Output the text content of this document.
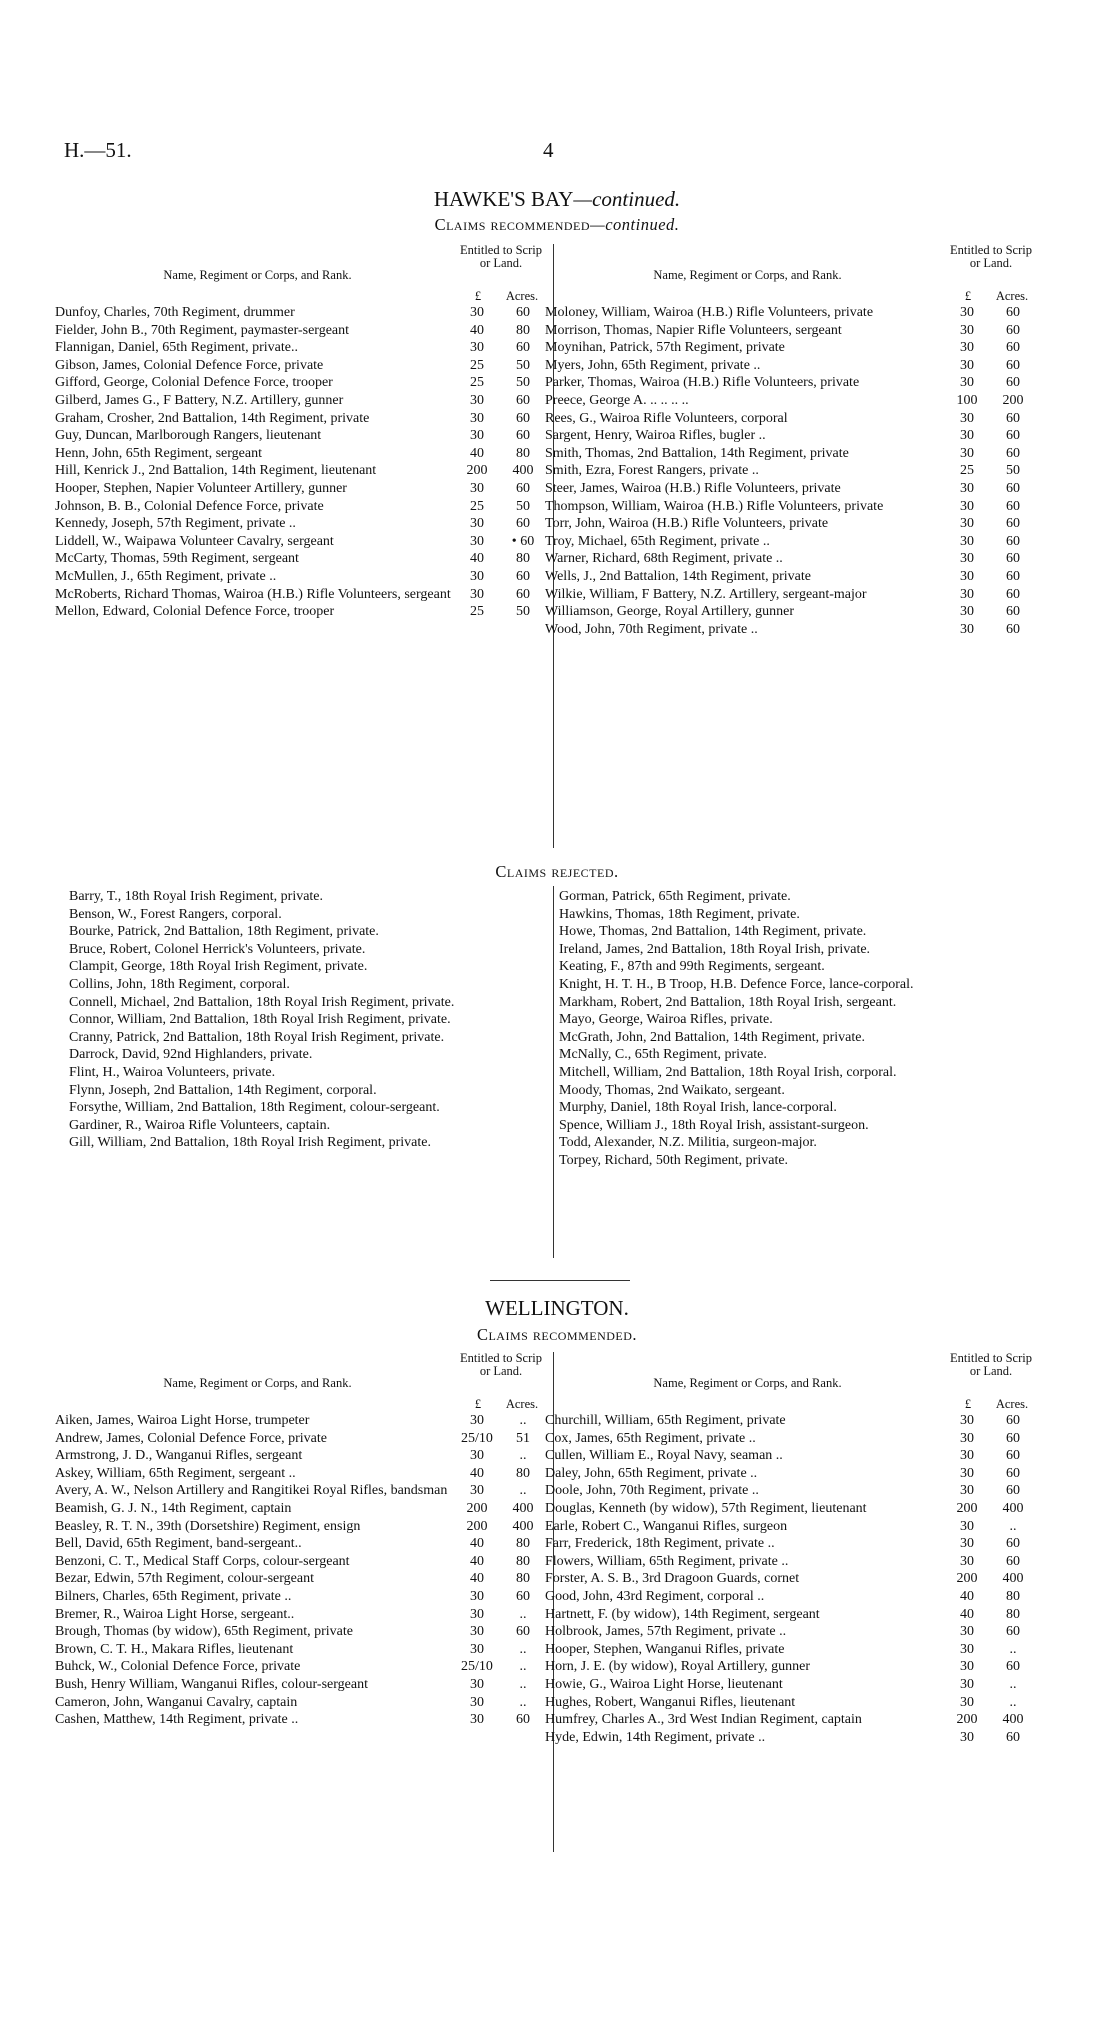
H.—51.	4
HAWKE'S BAY—continued.
Claims recommended—continued.
Name, Regiment or Corps, and Rank.
Entitled to Scrip or Land.
£ Acres.
Dunfoy, Charles, 70th Regiment, drummer	30	60
Fielder, John B., 70th Regiment, paymaster-sergeant	40	80
Flannigan, Daniel, 65th Regiment, private..	30	60
Gibson, James, Colonial Defence Force, private	25	50
Gifford, George, Colonial Defence Force, trooper	25	50
Gilberd, James G., F Battery, N.Z. Artillery, gunner	30	60
Graham, Crosher, 2nd Battalion, 14th Regiment, private	30	60
Guy, Duncan, Marlborough Rangers, lieutenant	30	60
Henn, John, 65th Regiment, sergeant	40	80
Hill, Kenrick J., 2nd Battalion, 14th Regiment, lieutenant	200	400
Hooper, Stephen, Napier Volunteer Artillery, gunner	30	60
Johnson, B. B., Colonial Defence Force, private	25	50
Kennedy, Joseph, 57th Regiment, private ..	30	60
Liddell, W., Waipawa Volunteer Cavalry, sergeant	30	• 60
McCarty, Thomas, 59th Regiment, sergeant	40	80
McMullen, J., 65th Regiment, private ..	30	60
McRoberts, Richard Thomas, Wairoa (H.B.) Rifle Volunteers, sergeant	30	60
Mellon, Edward, Colonial Defence Force, trooper	25	50
Name, Regiment or Corps, and Rank.
Entitled to Scrip or Land.
£ Acres.
Moloney, William, Wairoa (H.B.) Rifle Volunteers, private	30	60
Morrison, Thomas, Napier Rifle Volunteers, sergeant	30	60
Moynihan, Patrick, 57th Regiment, private	30	60
Myers, John, 65th Regiment, private ..	30	60
Parker, Thomas, Wairoa (H.B.) Rifle Volunteers, private	30	60
Preece, George A. .. .. .. ..	100	200
Rees, G., Wairoa Rifle Volunteers, corporal	30	60
Sargent, Henry, Wairoa Rifles, bugler ..	30	60
Smith, Thomas, 2nd Battalion, 14th Regiment, private	30	60
Smith, Ezra, Forest Rangers, private ..	25	50
Steer, James, Wairoa (H.B.) Rifle Volunteers, private	30	60
Thompson, William, Wairoa (H.B.) Rifle Volunteers, private	30	60
Torr, John, Wairoa (H.B.) Rifle Volunteers, private	30	60
Troy, Michael, 65th Regiment, private ..	30	60
Warner, Richard, 68th Regiment, private ..	30	60
Wells, J., 2nd Battalion, 14th Regiment, private	30	60
Wilkie, William, F Battery, N.Z. Artillery, sergeant-major	30	60
Williamson, George, Royal Artillery, gunner	30	60
Wood, John, 70th Regiment, private ..	30	60
Claims rejected.
Barry, T., 18th Royal Irish Regiment, private.
Benson, W., Forest Rangers, corporal.
Bourke, Patrick, 2nd Battalion, 18th Regiment, private.
Bruce, Robert, Colonel Herrick's Volunteers, private.
Clampit, George, 18th Royal Irish Regiment, private.
Collins, John, 18th Regiment, corporal.
Connell, Michael, 2nd Battalion, 18th Royal Irish Regiment, private.
Connor, William, 2nd Battalion, 18th Royal Irish Regiment, private.
Cranny, Patrick, 2nd Battalion, 18th Royal Irish Regiment, private.
Darrock, David, 92nd Highlanders, private.
Flint, H., Wairoa Volunteers, private.
Flynn, Joseph, 2nd Battalion, 14th Regiment, corporal.
Forsythe, William, 2nd Battalion, 18th Regiment, colour-sergeant.
Gardiner, R., Wairoa Rifle Volunteers, captain.
Gill, William, 2nd Battalion, 18th Royal Irish Regiment, private.
Gorman, Patrick, 65th Regiment, private.
Hawkins, Thomas, 18th Regiment, private.
Howe, Thomas, 2nd Battalion, 14th Regiment, private.
Ireland, James, 2nd Battalion, 18th Royal Irish, private.
Keating, F., 87th and 99th Regiments, sergeant.
Knight, H. T. H., B Troop, H.B. Defence Force, lance-corporal.
Markham, Robert, 2nd Battalion, 18th Royal Irish, sergeant.
Mayo, George, Wairoa Rifles, private.
McGrath, John, 2nd Battalion, 14th Regiment, private.
McNally, C., 65th Regiment, private.
Mitchell, William, 2nd Battalion, 18th Royal Irish, corporal.
Moody, Thomas, 2nd Waikato, sergeant.
Murphy, Daniel, 18th Royal Irish, lance-corporal.
Spence, William J., 18th Royal Irish, assistant-surgeon.
Todd, Alexander, N.Z. Militia, surgeon-major.
Torpey, Richard, 50th Regiment, private.
WELLINGTON.
Claims recommended.
Name, Regiment or Corps, and Rank.
Entitled to Scrip or Land.
£ Acres.
Aiken, James, Wairoa Light Horse, trumpeter	30	..
Andrew, James, Colonial Defence Force, private	25/10	51
Armstrong, J. D., Wanganui Rifles, sergeant	30	..
Askey, William, 65th Regiment, sergeant ..	40	80
Avery, A. W., Nelson Artillery and Rangitikei Royal Rifles, bandsman	30	..
Beamish, G. J. N., 14th Regiment, captain	200	400
Beasley, R. T. N., 39th (Dorsetshire) Regiment, ensign	200	400
Bell, David, 65th Regiment, band-sergeant..	40	80
Benzoni, C. T., Medical Staff Corps, colour-sergeant	40	80
Bezar, Edwin, 57th Regiment, colour-sergeant	40	80
Bilners, Charles, 65th Regiment, private ..	30	60
Bremer, R., Wairoa Light Horse, sergeant..	30	..
Brough, Thomas (by widow), 65th Regiment, private	30	60
Brown, C. T. H., Makara Rifles, lieutenant	30	..
Buhck, W., Colonial Defence Force, private	25/10	..
Bush, Henry William, Wanganui Rifles, colour-sergeant	30	..
Cameron, John, Wanganui Cavalry, captain	30	..
Cashen, Matthew, 14th Regiment, private ..	30	60
Name, Regiment or Corps, and Rank.
Entitled to Scrip or Land.
£ Acres.
Churchill, William, 65th Regiment, private	30	60
Cox, James, 65th Regiment, private ..	30	60
Cullen, William E., Royal Navy, seaman ..	30	60
Daley, John, 65th Regiment, private ..	30	60
Doole, John, 70th Regiment, private ..	30	60
Douglas, Kenneth (by widow), 57th Regiment, lieutenant	200	400
Earle, Robert C., Wanganui Rifles, surgeon	30	..
Farr, Frederick, 18th Regiment, private ..	30	60
Flowers, William, 65th Regiment, private ..	30	60
Forster, A. S. B., 3rd Dragoon Guards, cornet	200	400
Good, John, 43rd Regiment, corporal ..	40	80
Hartnett, F. (by widow), 14th Regiment, sergeant	40	80
Holbrook, James, 57th Regiment, private ..	30	60
Hooper, Stephen, Wanganui Rifles, private	30	..
Horn, J. E. (by widow), Royal Artillery, gunner	30	60
Howie, G., Wairoa Light Horse, lieutenant	30	..
Hughes, Robert, Wanganui Rifles, lieutenant	30	..
Humfrey, Charles A., 3rd West Indian Regiment, captain	200	400
Hyde, Edwin, 14th Regiment, private ..	30	60
